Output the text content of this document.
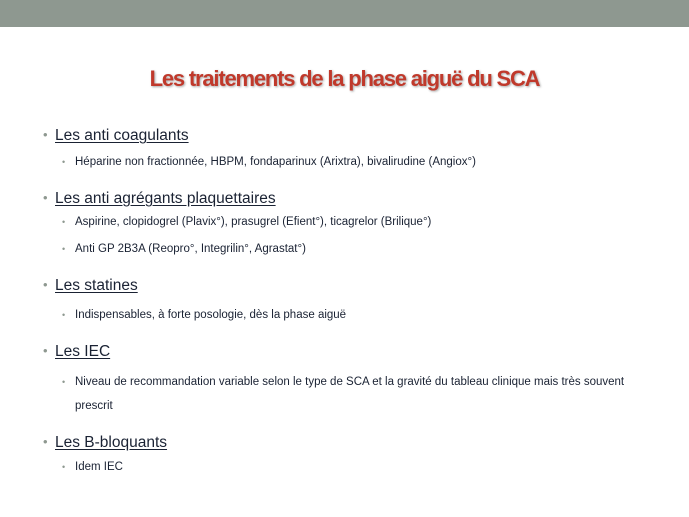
Les traitements de la phase aiguë du SCA
• Les anti coagulants
• Héparine non fractionnée, HBPM, fondaparinux (Arixtra), bivalirudine (Angiox°)
• Les anti agrégants plaquettaires
• Aspirine, clopidogrel (Plavix°), prasugrel (Efient°), ticagrelor (Brilique°)
• Anti GP 2B3A (Reopro°, Integrilin°, Agrastat°)
• Les statines
• Indispensables, à forte posologie, dès la phase aiguë
• Les IEC
• Niveau de recommandation variable selon le type de SCA et la gravité du tableau clinique mais très souvent prescrit
• Les B-bloquants
• Idem IEC
